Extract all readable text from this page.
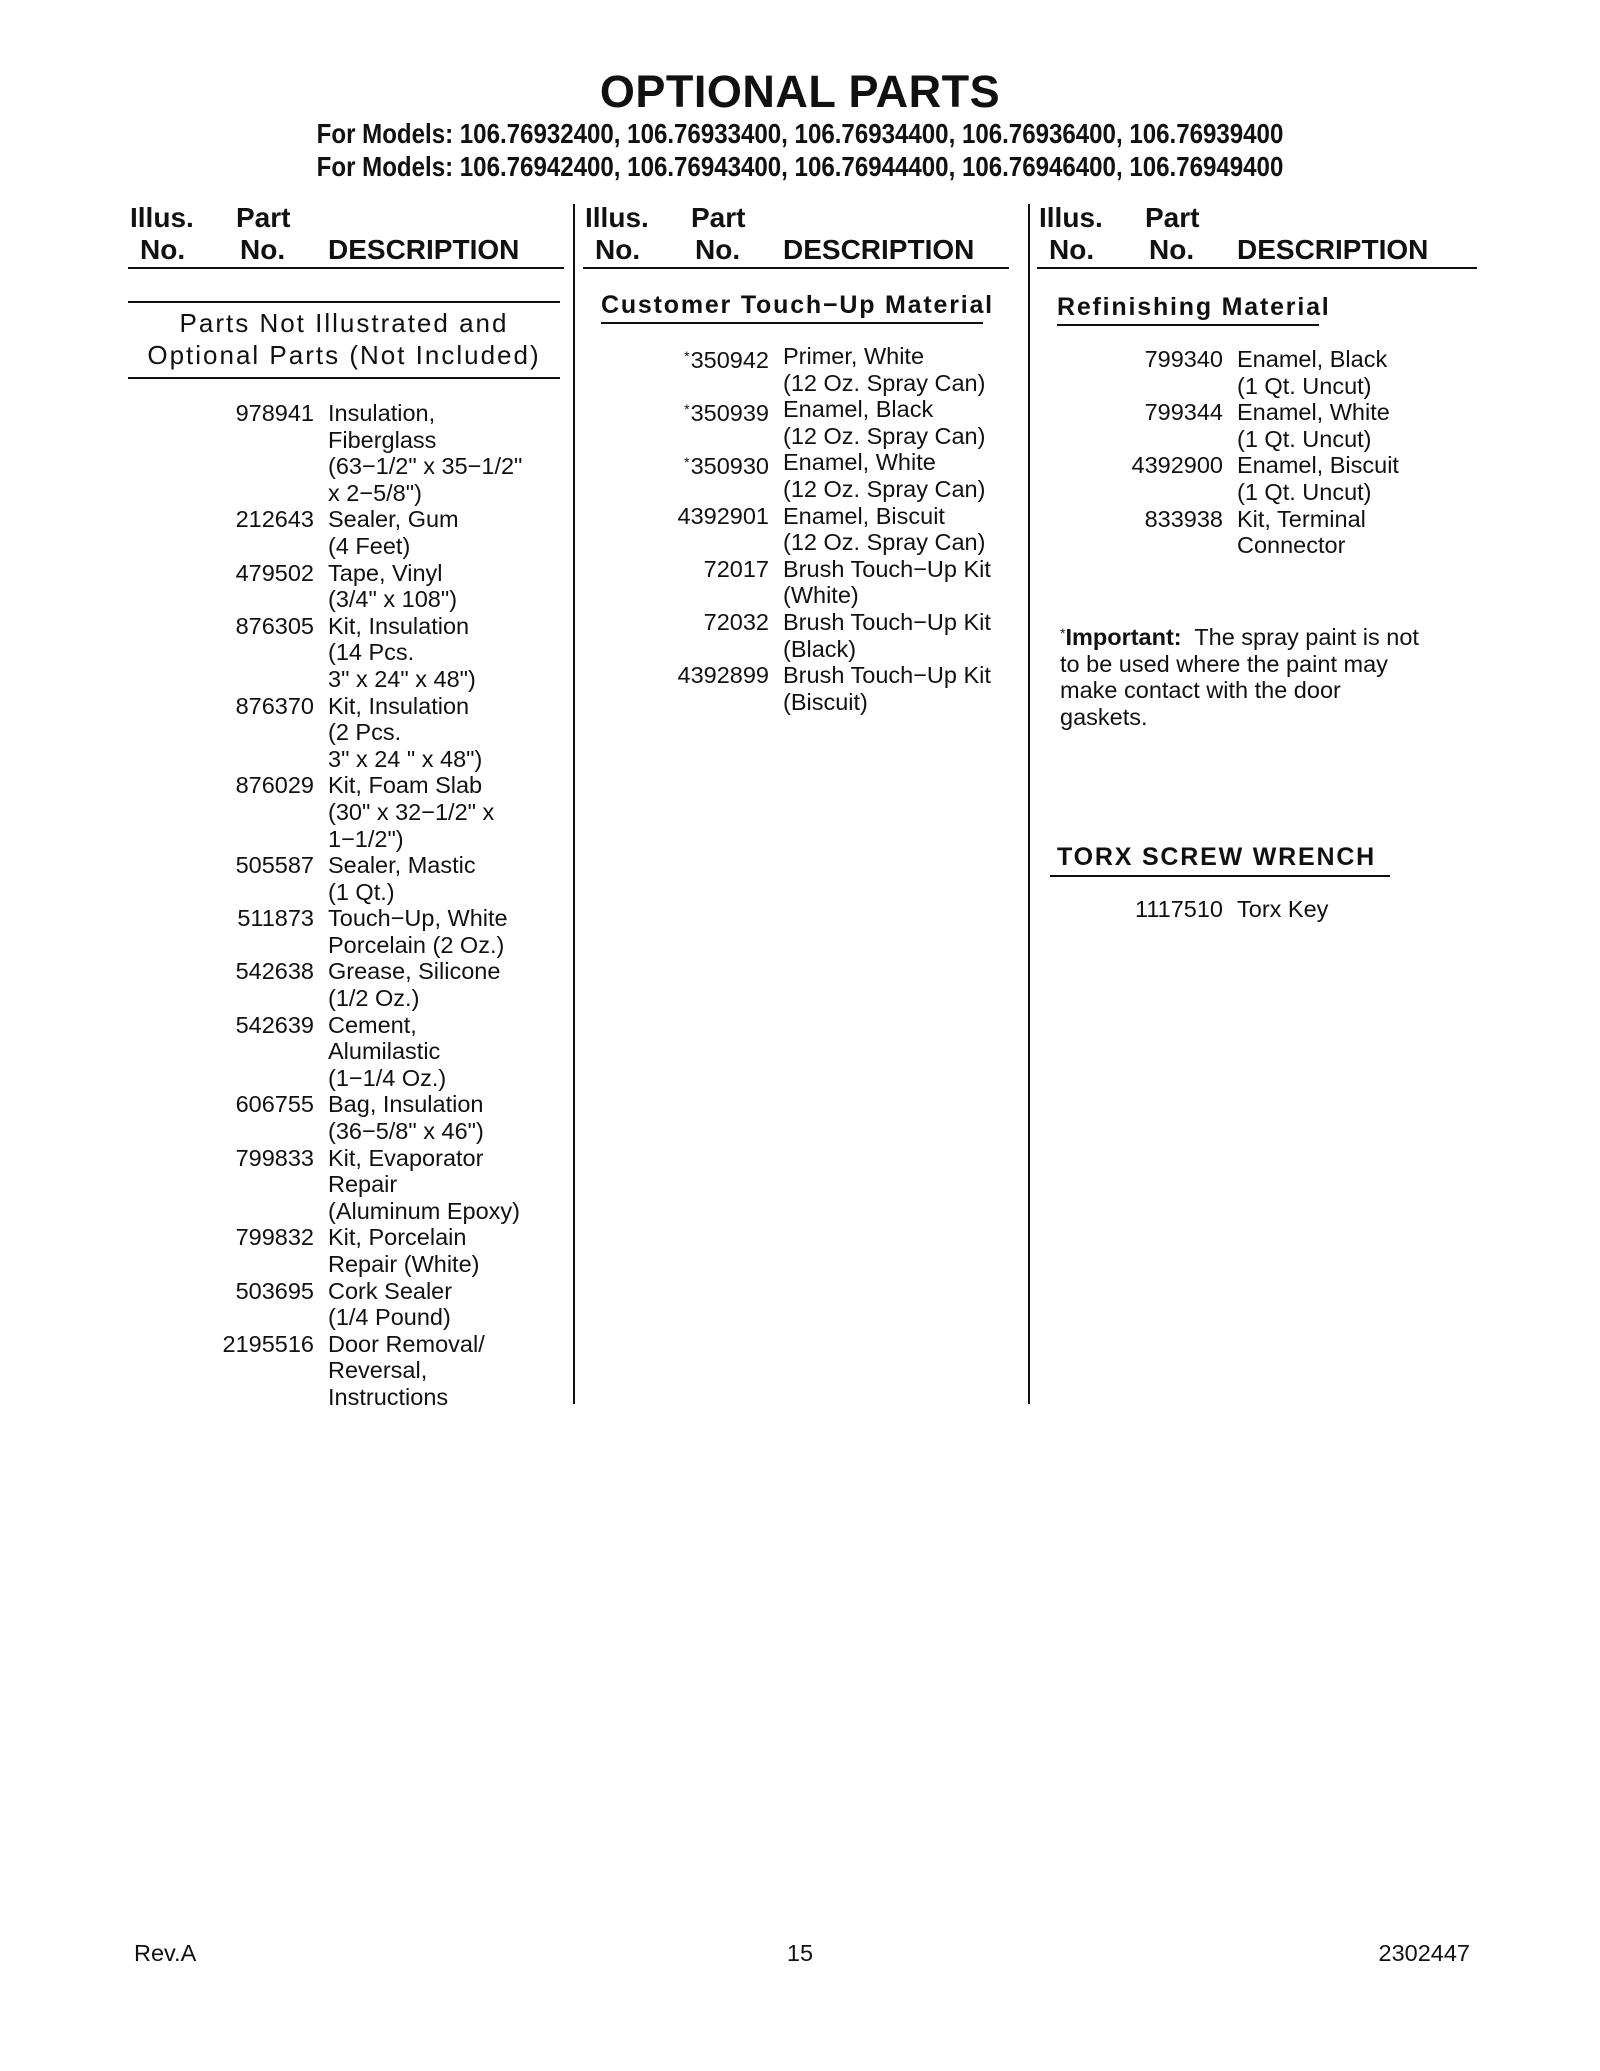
OPTIONAL PARTS
For Models: 106.76932400, 106.76933400, 106.76934400, 106.76936400, 106.76939400
For Models: 106.76942400, 106.76943400, 106.76944400, 106.76946400, 106.76949400
Illus.
No.
Part
No. DESCRIPTION
Illus.
No.
Part
No. DESCRIPTION
Illus.
No.
Part
No. DESCRIPTION
Parts Not Illustrated and
Optional Parts (Not Included)
978941 Insulation,
Fiberglass
(63−1/2" x 35−1/2"
x 2−5/8")
212643 Sealer, Gum
(4 Feet)
479502 Tape, Vinyl
(3/4" x 108")
876305 Kit, Insulation
(14 Pcs.
3" x 24" x 48")
876370 Kit, Insulation
(2 Pcs.
3" x 24 " x 48")
876029 Kit, Foam Slab
(30" x 32−1/2" x
1−1/2")
505587 Sealer, Mastic
(1 Qt.)
511873 Touch−Up, White
Porcelain (2 Oz.)
542638 Grease, Silicone
(1/2 Oz.)
542639 Cement,
Alumilastic
(1−1/4 Oz.)
606755 Bag, Insulation
(36−5/8" x 46")
799833 Kit, Evaporator
Repair
(Aluminum Epoxy)
799832 Kit, Porcelain
Repair (White)
503695 Cork Sealer
(1/4 Pound)
2195516 Door Removal/
Reversal,
Instructions
Customer Touch−Up Material
*350942 Primer, White
(12 Oz. Spray Can)
*350939 Enamel, Black
(12 Oz. Spray Can)
*350930 Enamel, White
(12 Oz. Spray Can)
4392901 Enamel, Biscuit
(12 Oz. Spray Can)
72017 Brush Touch−Up Kit
(White)
72032 Brush Touch−Up Kit
(Black)
4392899 Brush Touch−Up Kit
(Biscuit)
Refinishing Material
799340 Enamel, Black
(1 Qt. Uncut)
799344 Enamel, White
(1 Qt. Uncut)
4392900 Enamel, Biscuit
(1 Qt. Uncut)
833938 Kit, Terminal
Connector
*Important:  The spray paint is not to be used where the paint may make contact with the door gaskets.
TORX SCREW WRENCH
1117510 Torx Key
Rev.A	15	2302447
